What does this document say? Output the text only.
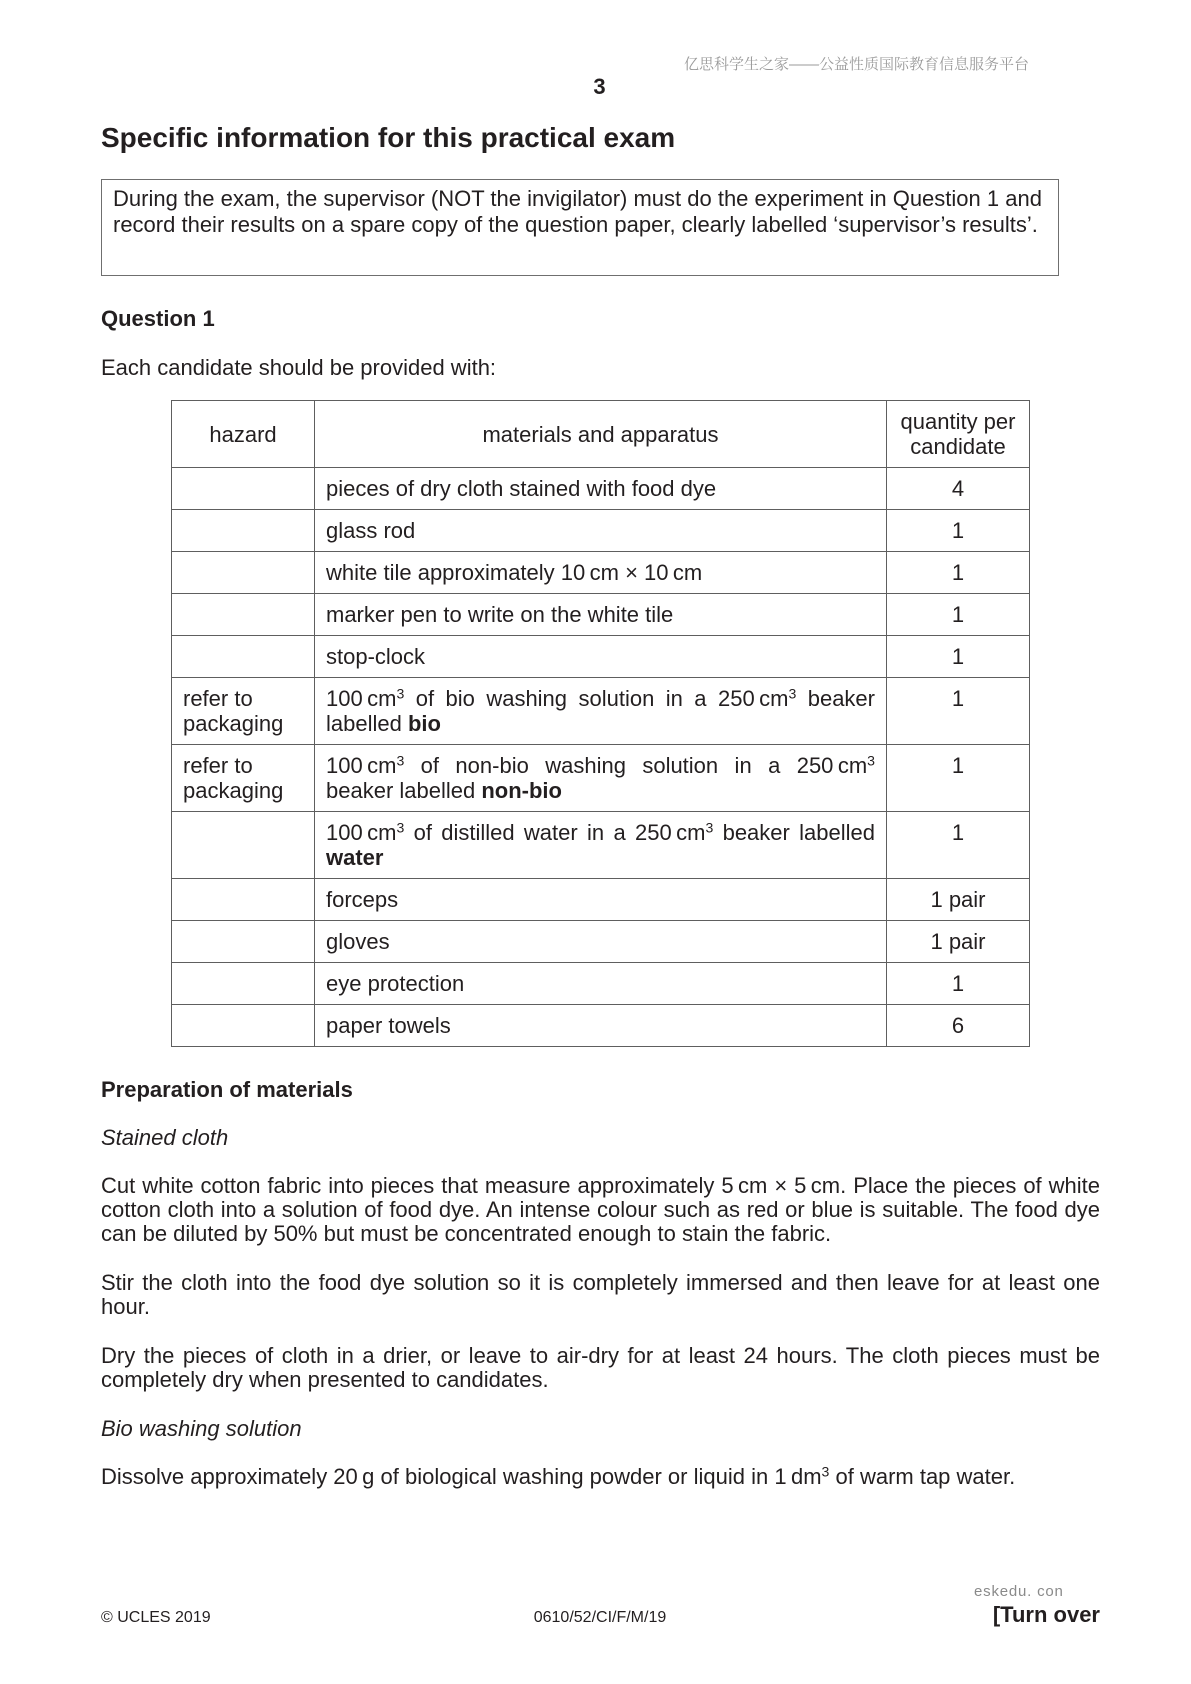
亿思科学生之家——公益性质国际教育信息服务平台
3
Specific information for this practical exam

During the exam, the supervisor (NOT the invigilator) must do the experiment in Question 1 and record their results on a spare copy of the question paper, clearly labelled ‘supervisor’s results’.

Question 1
Each candidate should be provided with:
hazard	materials and apparatus	quantity per candidate
	pieces of dry cloth stained with food dye	4
	glass rod	1
	white tile approximately 10 cm × 10 cm	1
	marker pen to write on the white tile	1
	stop-clock	1
refer to packaging	100 $cm^3$ of bio washing solution in a 250 $cm^3$ beaker labelled bio	1
refer to packaging	100 $cm^3$ of non-bio washing solution in a 250 $cm^3$ beaker labelled non-bio	1
	100 $cm^3$ of distilled water in a 250 $cm^3$ beaker labelled water	1
	forceps	1 pair
	gloves	1 pair
	eye protection	1
	paper towels	6
Preparation of materials
Stained cloth

Cut white cotton fabric into pieces that measure approximately 5 cm × 5 cm. Place the pieces of white cotton cloth into a solution of food dye. An intense colour such as red or blue is suitable. The food dye can be diluted by 50% but must be concentrated enough to stain the fabric.

Stir the cloth into the food dye solution so it is completely immersed and then leave for at least one hour.

Dry the pieces of cloth in a drier, or leave to air-dry for at least 24 hours. The cloth pieces must be completely dry when presented to candidates.

Bio washing solution

Dissolve approximately 20 g of biological washing powder or liquid in 1 $dm^3$ of warm tap water.

eskedu. con
© UCLES 2019	0610/52/CI/F/M/19	[Turn over
